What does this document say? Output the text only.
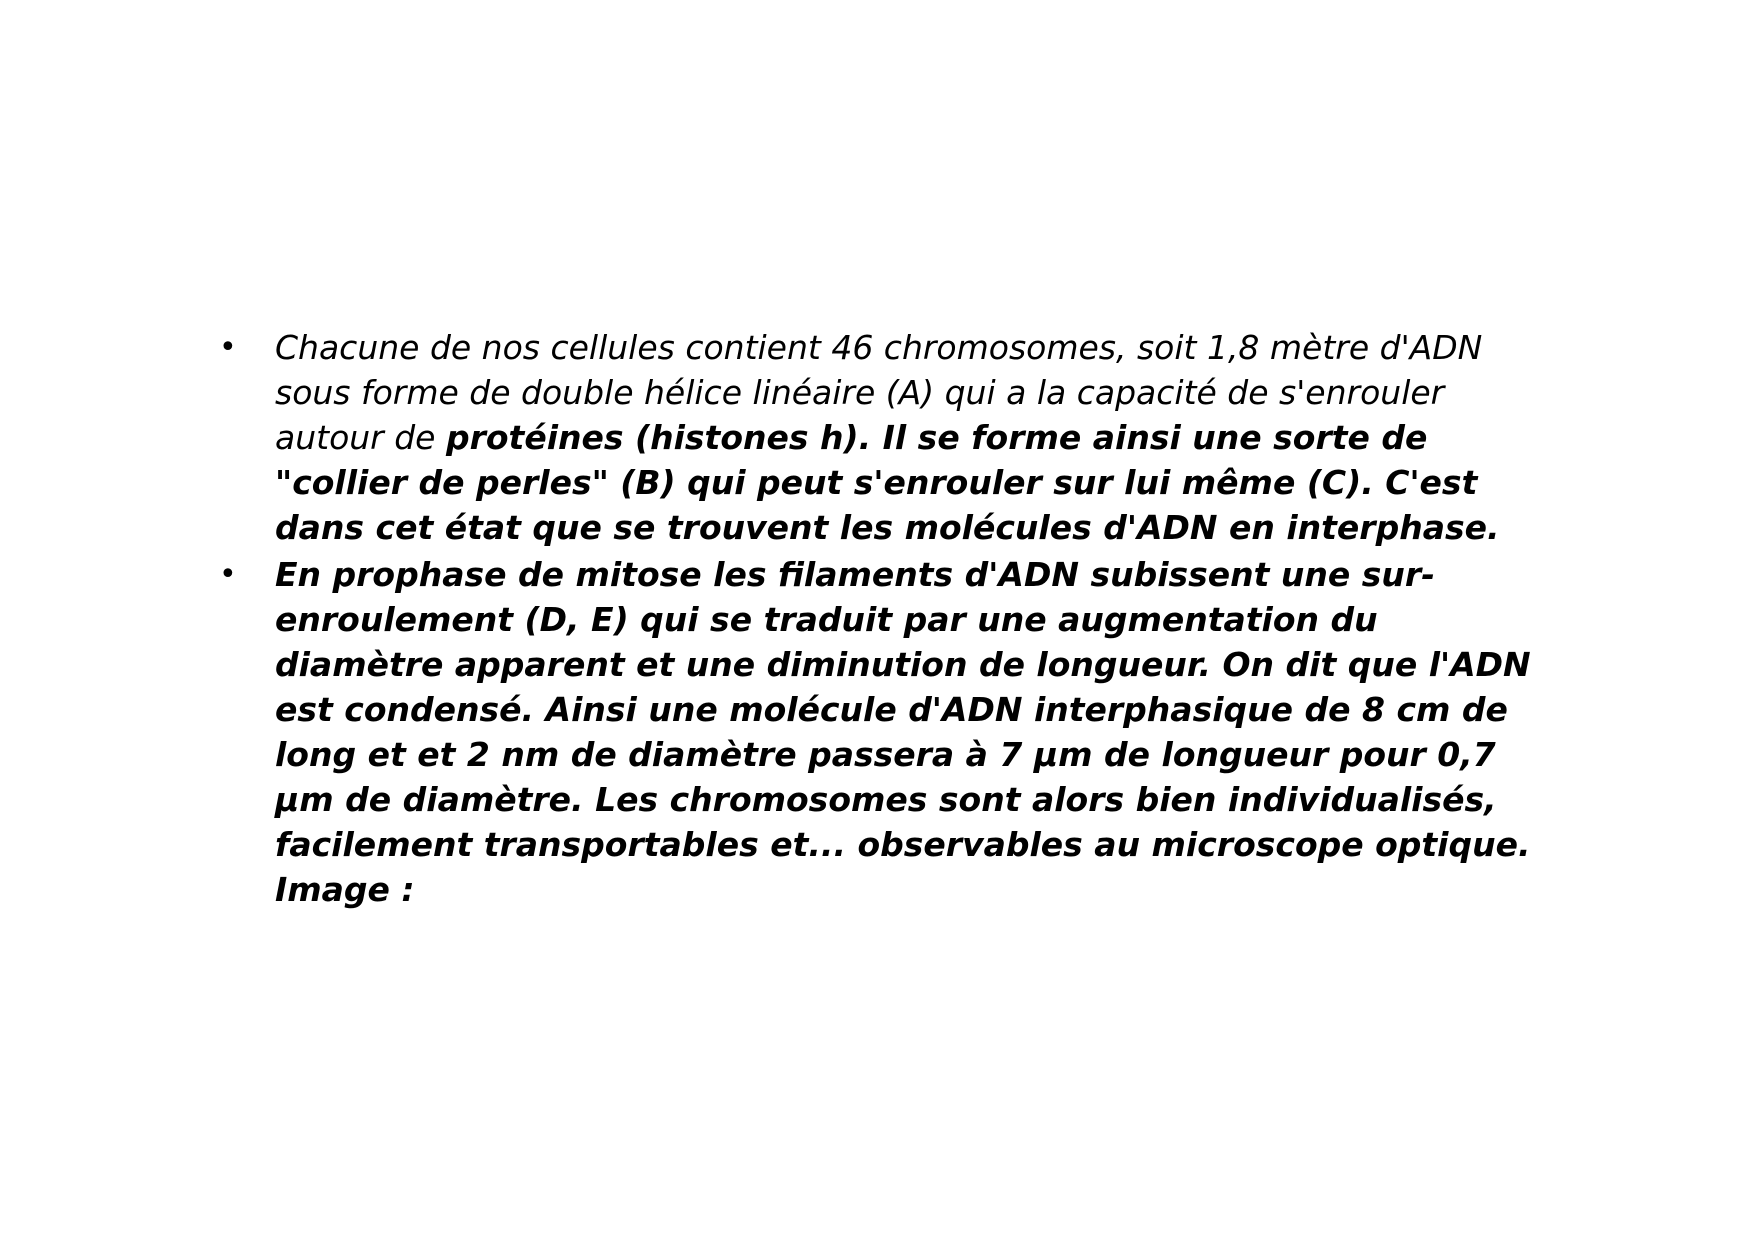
• Chacune de nos cellules contient 46 chromosomes, soit 1,8 mètre d'ADN sous forme de double hélice linéaire (A) qui a la capacité de s'enrouler autour de protéines (histones h). Il se forme ainsi une sorte de "collier de perles" (B) qui peut s'enrouler sur lui même (C). C'est dans cet état que se trouvent les molécules d'ADN en interphase.
• En prophase de mitose les filaments d'ADN subissent une sur-enroulement (D, E) qui se traduit par une augmentation du diamètre apparent et une diminution de longueur. On dit que l'ADN est condensé. Ainsi une molécule d'ADN interphasique de 8 cm de long et et 2 nm de diamètre passera à 7 µm de longueur pour 0,7 µm de diamètre. Les chromosomes sont alors bien individualisés, facilement transportables et... observables au microscope optique. Image :
